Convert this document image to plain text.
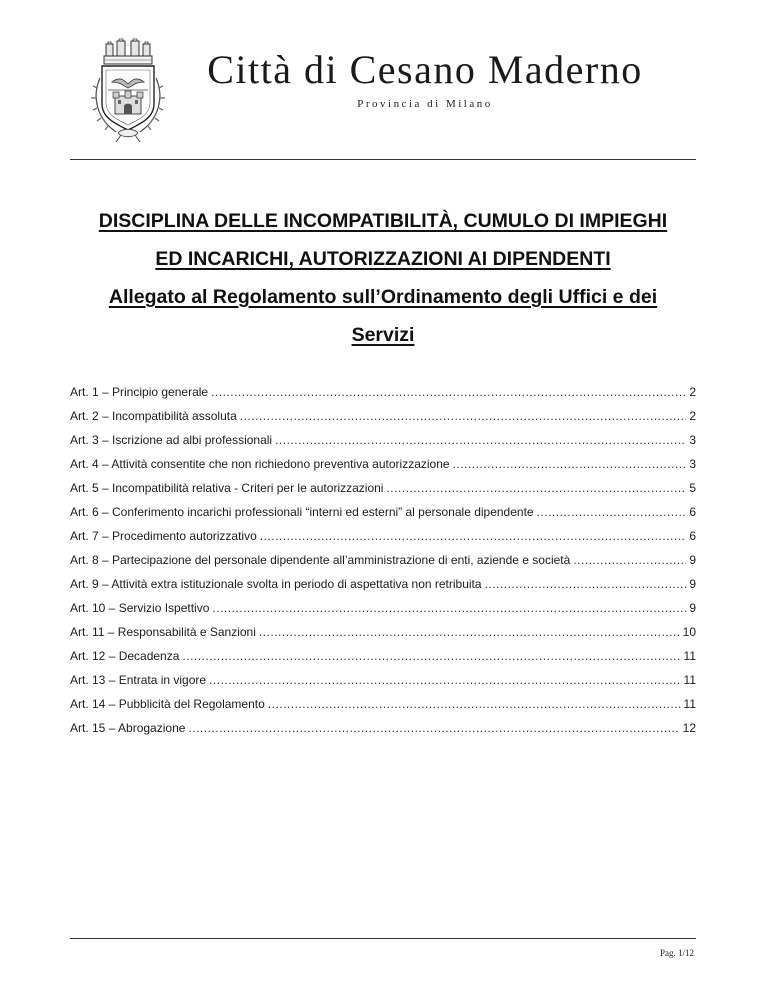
Città di Cesano Maderno
Provincia di Milano
DISCIPLINA DELLE INCOMPATIBILITÀ, CUMULO DI IMPIEGHI
ED INCARICHI, AUTORIZZAZIONI AI DIPENDENTI
Allegato al Regolamento sull’Ordinamento degli Uffici e dei
Servizi
Art. 1 – Principio generale .....	2
Art. 2 – Incompatibilità assoluta .....	2
Art. 3 – Iscrizione ad albi professionali .....	3
Art. 4 – Attività consentite che non richiedono preventiva autorizzazione .....	3
Art. 5 – Incompatibilità relativa - Criteri per le autorizzazioni .....	5
Art. 6 – Conferimento incarichi professionali “interni ed esterni” al personale dipendente .....	6
Art. 7 – Procedimento autorizzativo .....	6
Art. 8 – Partecipazione del personale dipendente all’amministrazione di enti, aziende e società .....	9
Art. 9 – Attività extra istituzionale svolta in periodo di aspettativa non retribuita .....	9
Art. 10 – Servizio Ispettivo .....	9
Art. 11 – Responsabilità e Sanzioni .....	10
Art. 12 – Decadenza .....	11
Art. 13 – Entrata in vigore .....	11
Art. 14 – Pubblicità del Regolamento .....	11
Art. 15 – Abrogazione .....	12
Pag. 1/12
